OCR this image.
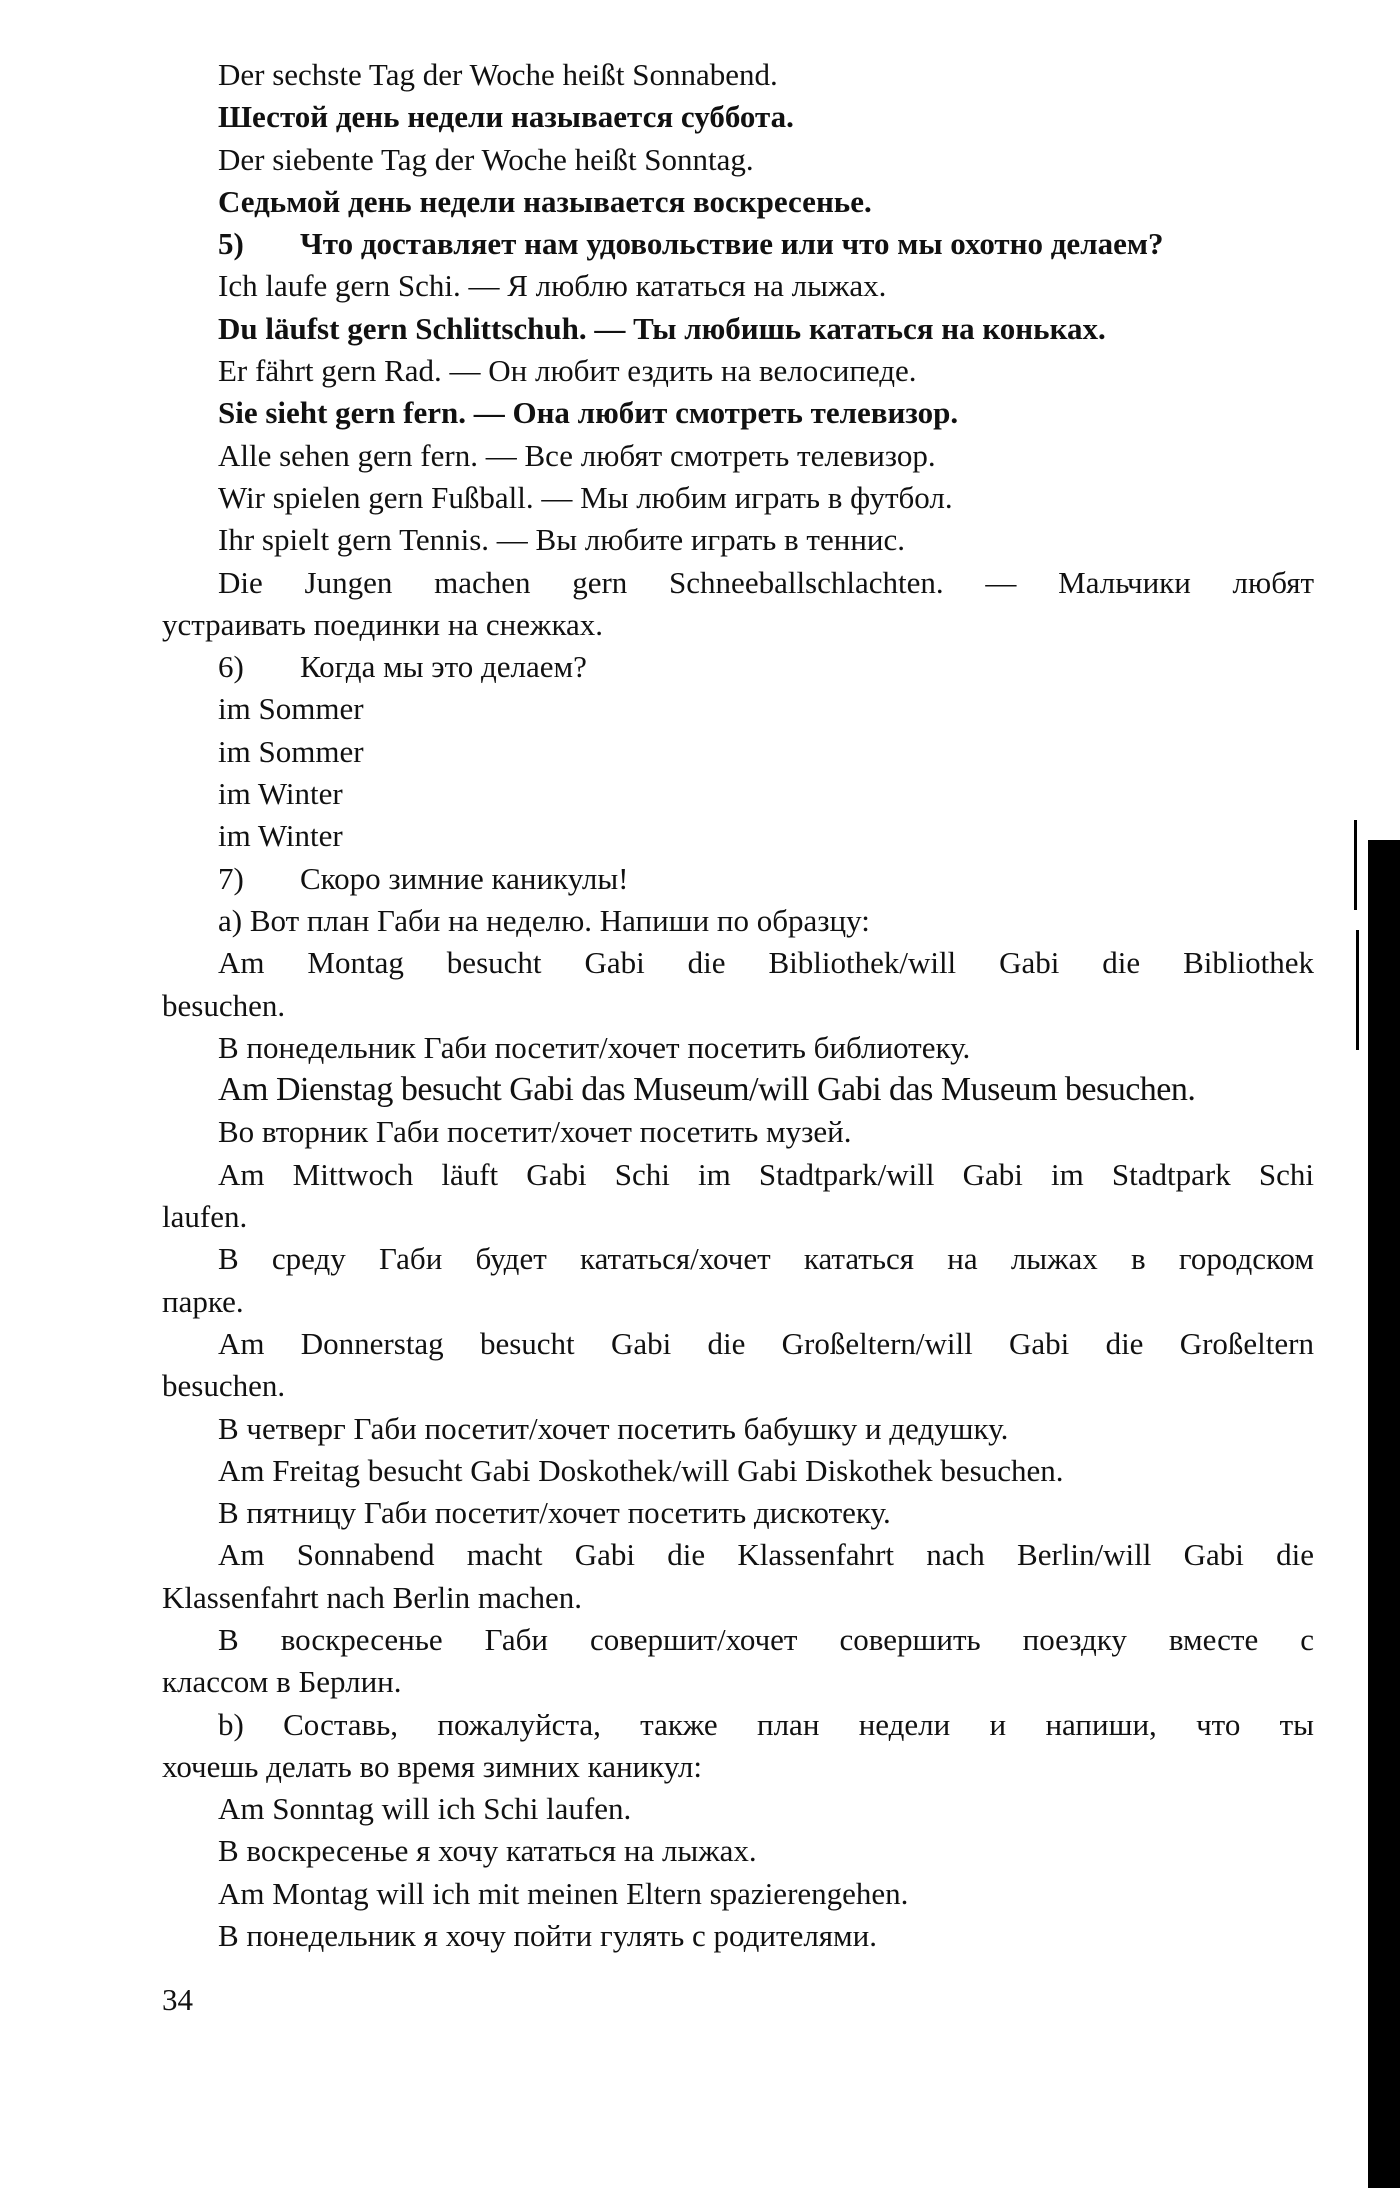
Der sechste Tag der Woche heißt Sonnabend.

Шестой день недели называется суббота.

Der siebente Tag der Woche heißt Sonntag.

Седьмой день недели называется воскресенье.

5) Что доставляет нам удовольствие или что мы охотно делаем?

Ich laufe gern Schi. — Я люблю кататься на лыжах.

Du läufst gern Schlittschuh. — Ты любишь кататься на коньках.

Er fährt gern Rad. — Он любит ездить на велосипеде.

Sie sieht gern fern. — Она любит смотреть телевизор.

Alle sehen gern fern. — Все любят смотреть телевизор.

Wir spielen gern Fußball. — Мы любим играть в футбол.

Ihr spielt gern Tennis. — Вы любите играть в теннис.

Die Jungen machen gern Schneeballschlachten. — Мальчики любят

устраивать поединки на снежках.

6) Когда мы это делаем?

im Sommer

im Sommer

im Winter

im Winter

7) Скоро зимние каникулы!

а) Вот план Габи на неделю. Напиши по образцу:

Am Montag besucht Gabi die Bibliothek/will Gabi die Bibliothek

besuchen.

В понедельник Габи посетит/хочет посетить библиотеку.

Am Dienstag besucht Gabi das Museum/will Gabi das Museum besuchen.

Во вторник Габи посетит/хочет посетить музей.

Am Mittwoch läuft Gabi Schi im Stadtpark/will Gabi im Stadtpark Schi

laufen.

В среду Габи будет кататься/хочет кататься на лыжах в городском

парке.

Am Donnerstag besucht Gabi die Großeltern/will Gabi die Großeltern

besuchen.

В четверг Габи посетит/хочет посетить бабушку и дедушку.

Am Freitag besucht Gabi Doskothek/will Gabi Diskothek besuchen.

В пятницу Габи посетит/хочет посетить дискотеку.

Am Sonnabend macht Gabi die Klassenfahrt nach Berlin/will Gabi die

Klassenfahrt nach Berlin machen.

В воскресенье Габи совершит/хочет совершить поездку вместе с

классом в Берлин.

b) Составь, пожалуйста, также план недели и напиши, что ты

хочешь делать во время зимних каникул:

Am Sonntag will ich Schi laufen.

В воскресенье я хочу кататься на лыжах.

Am Montag will ich mit meinen Eltern spazierengehen.

В понедельник я хочу пойти гулять с родителями.

34
